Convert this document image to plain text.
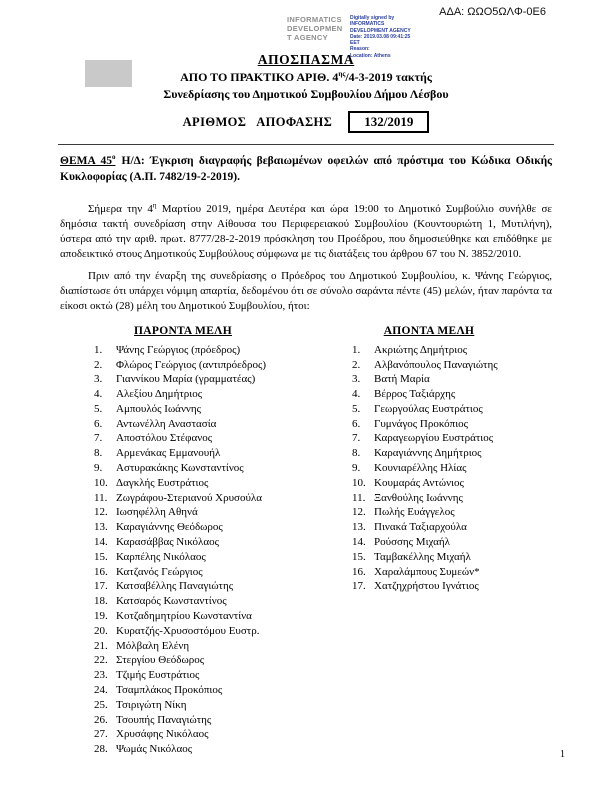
ΑΔΑ: ΩΩΟ5ΩΛΦ-0Ε6
INFORMATICS
DEVELOPMEN
T AGENCY
Digitally signed by
INFORMATICS
DEVELOPMENT AGENCY
Date: 2019.03.08 09:41:25
EET
Reason:
Location: Athens
ΑΠΟΣΠΑΣΜΑ
ΑΠΟ ΤΟ ΠΡΑΚΤΙΚΟ ΑΡΙΘ. $4^{\eta\varsigma}/4-3-2019$ τακτής
Συνεδρίασης του Δημοτικού Συμβουλίου Δήμου Λέσβου
ΑΡΙΘΜΟΣ ΑΠΟΦΑΣΗΣ	132/2019
ΘΕΜΑ $45^o$ Η/Δ: Έγκριση διαγραφής βεβαιωμένων οφειλών από πρόστιμα του Κώδικα Οδικής Κυκλοφορίας (Α.Π. 7482/19-2-2019).

Σήμερα την $4^\eta$ Μαρτίου 2019, ημέρα Δευτέρα και ώρα 19:00 το Δημοτικό Συμβούλιο συνήλθε σε δημόσια τακτή συνεδρίαση στην Αίθουσα του Περιφερειακού Συμβουλίου (Κουντουριώτη 1, Μυτιλήνη), ύστερα από την αριθ. πρωτ. 8777/28-2-2019 πρόσκληση του Προέδρου, που δημοσιεύθηκε και επιδόθηκε με αποδεικτικό στους Δημοτικούς Συμβούλους σύμφωνα με τις διατάξεις του άρθρου 67 του Ν. 3852/2010.

Πριν από την έναρξη της συνεδρίασης ο Πρόεδρος του Δημοτικού Συμβουλίου, κ. Ψάνης Γεώργιος, διαπίστωσε ότι υπάρχει νόμιμη απαρτία, δεδομένου ότι σε σύνολο σαράντα πέντε (45) μελών, ήταν παρόντα τα είκοσι οκτώ (28) μέλη του Δημοτικού Συμβουλίου, ήτοι:

ΠΑΡΟΝΤΑ ΜΕΛΗ
1.	Ψάνης Γεώργιος (πρόεδρος)
2.	Φλώρος Γεώργιος (αντιπρόεδρος)
3.	Γιαννίκου Μαρία (γραμματέας)
4.	Αλεξίου Δημήτριος
5.	Αμπουλός Ιωάννης
6.	Αντωνέλλη Αναστασία
7.	Αποστόλου Στέφανος
8.	Αρμενάκας Εμμανουήλ
9.	Αστυρακάκης Κωνσταντίνος
10. Δαγκλής Ευστράτιος
11. Ζωγράφου-Στεριανού Χρυσούλα
12. Ιωσηφέλλη Αθηνά
13. Καραγιάννης Θεόδωρος
14. Καρασάββας Νικόλαος
15. Καρπέλης Νικόλαος
16. Κατζανός Γεώργιος
17. Κατσαβέλλης Παναγιώτης
18. Κατσαρός Κωνσταντίνος
19. Κοτζαδημητρίου Κωνσταντίνα
20. Κυρατζής-Χρυσοστόμου Ευστρ.
21. Μόλβαλη Ελένη
22. Στεργίου Θεόδωρος
23. Τζιμής Ευστράτιος
24. Τσαμπλάκος Προκόπιος
25. Τσιριγώτη Νίκη
26. Τσουπής Παναγιώτης
27. Χρυσάφης Νικόλαος
28. Ψωμάς Νικόλαος
ΑΠΟΝΤΑ ΜΕΛΗ
1.	Ακριώτης Δημήτριος
2.	Αλβανόπουλος Παναγιώτης
3.	Βατή Μαρία
4.	Βέρρος Ταξιάρχης
5.	Γεωργούλας Ευστράτιος
6.	Γυμνάγος Προκόπιος
7.	Καραγεωργίου Ευστράτιος
8.	Καραγιάννης Δημήτριος
9.	Κουνιαρέλλης Ηλίας
10. Κουμαράς Αντώνιος
11. Ξανθούλης Ιωάννης
12. Πωλής Ευάγγελος
13. Πινακά Ταξιαρχούλα
14. Ρούσσης Μιχαήλ
15. Ταμβακέλλης Μιχαήλ
16. Χαραλάμπους Συμεών*
17. Χατζηχρήστου Ιγνάτιος
1
